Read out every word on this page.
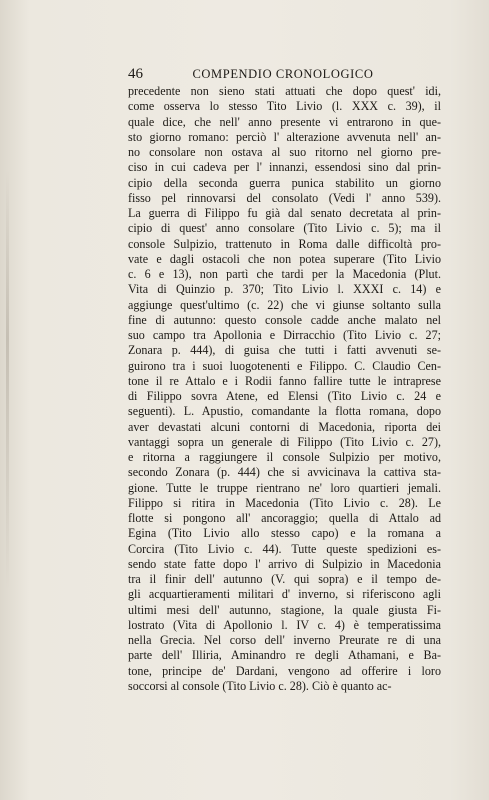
46	COMPENDIO CRONOLOGICO
precedente non sieno stati attuati che dopo quest' idi,
come osserva lo stesso Tito Livio (l. XXX c. 39), il
quale dice, che nell' anno presente vi entrarono in que-
sto giorno romano: perciò l' alterazione avvenuta nell' an-
no consolare non ostava al suo ritorno nel giorno pre-
ciso in cui cadeva per l' innanzi, essendosi sino dal prin-
cipio della seconda guerra punica stabilito un giorno
fisso pel rinnovarsi del consolato (Vedi l' anno 539).
La guerra di Filippo fu già dal senato decretata al prin-
cipio di quest' anno consolare (Tito Livio c. 5); ma il
console Sulpizio, trattenuto in Roma dalle difficoltà pro-
vate e dagli ostacoli che non potea superare (Tito Livio
c. 6 e 13), non partì che tardi per la Macedonia (Plut.
Vita di Quinzio p. 370; Tito Livio l. XXXI c. 14) e
aggiunge quest'ultimo (c. 22) che vi giunse soltanto sulla
fine di autunno: questo console cadde anche malato nel
suo campo tra Apollonia e Dirracchio (Tito Livio c. 27;
Zonara p. 444), di guisa che tutti i fatti avvenuti se-
guirono tra i suoi luogotenenti e Filippo. C. Claudio Cen-
tone il re Attalo e i Rodii fanno fallire tutte le intraprese
di Filippo sovra Atene, ed Elensi (Tito Livio c. 24 e
seguenti). L. Apustio, comandante la flotta romana, dopo
aver devastati alcuni contorni di Macedonia, riporta dei
vantaggi sopra un generale di Filippo (Tito Livio c. 27),
e ritorna a raggiungere il console Sulpizio per motivo,
secondo Zonara (p. 444) che si avvicinava la cattiva sta-
gione. Tutte le truppe rientrano ne' loro quartieri jemali.
Filippo si ritira in Macedonia (Tito Livio c. 28). Le
flotte si pongono all' ancoraggio; quella di Attalo ad
Egina (Tito Livio allo stesso capo) e la romana a
Corcira (Tito Livio c. 44). Tutte queste spedizioni es-
sendo state fatte dopo l' arrivo di Sulpizio in Macedonia
tra il finir dell' autunno (V. qui sopra) e il tempo de-
gli acquartieramenti militari d' inverno, si riferiscono agli
ultimi mesi dell' autunno, stagione, la quale giusta Fi-
lostrato (Vita di Apollonio l. IV c. 4) è temperatissima
nella Grecia. Nel corso dell' inverno Preurate re di una
parte dell' Illiria, Aminandro re degli Athamani, e Ba-
tone, principe de' Dardani, vengono ad offerire i loro
soccorsi al console (Tito Livio c. 28). Ciò è quanto ac-
